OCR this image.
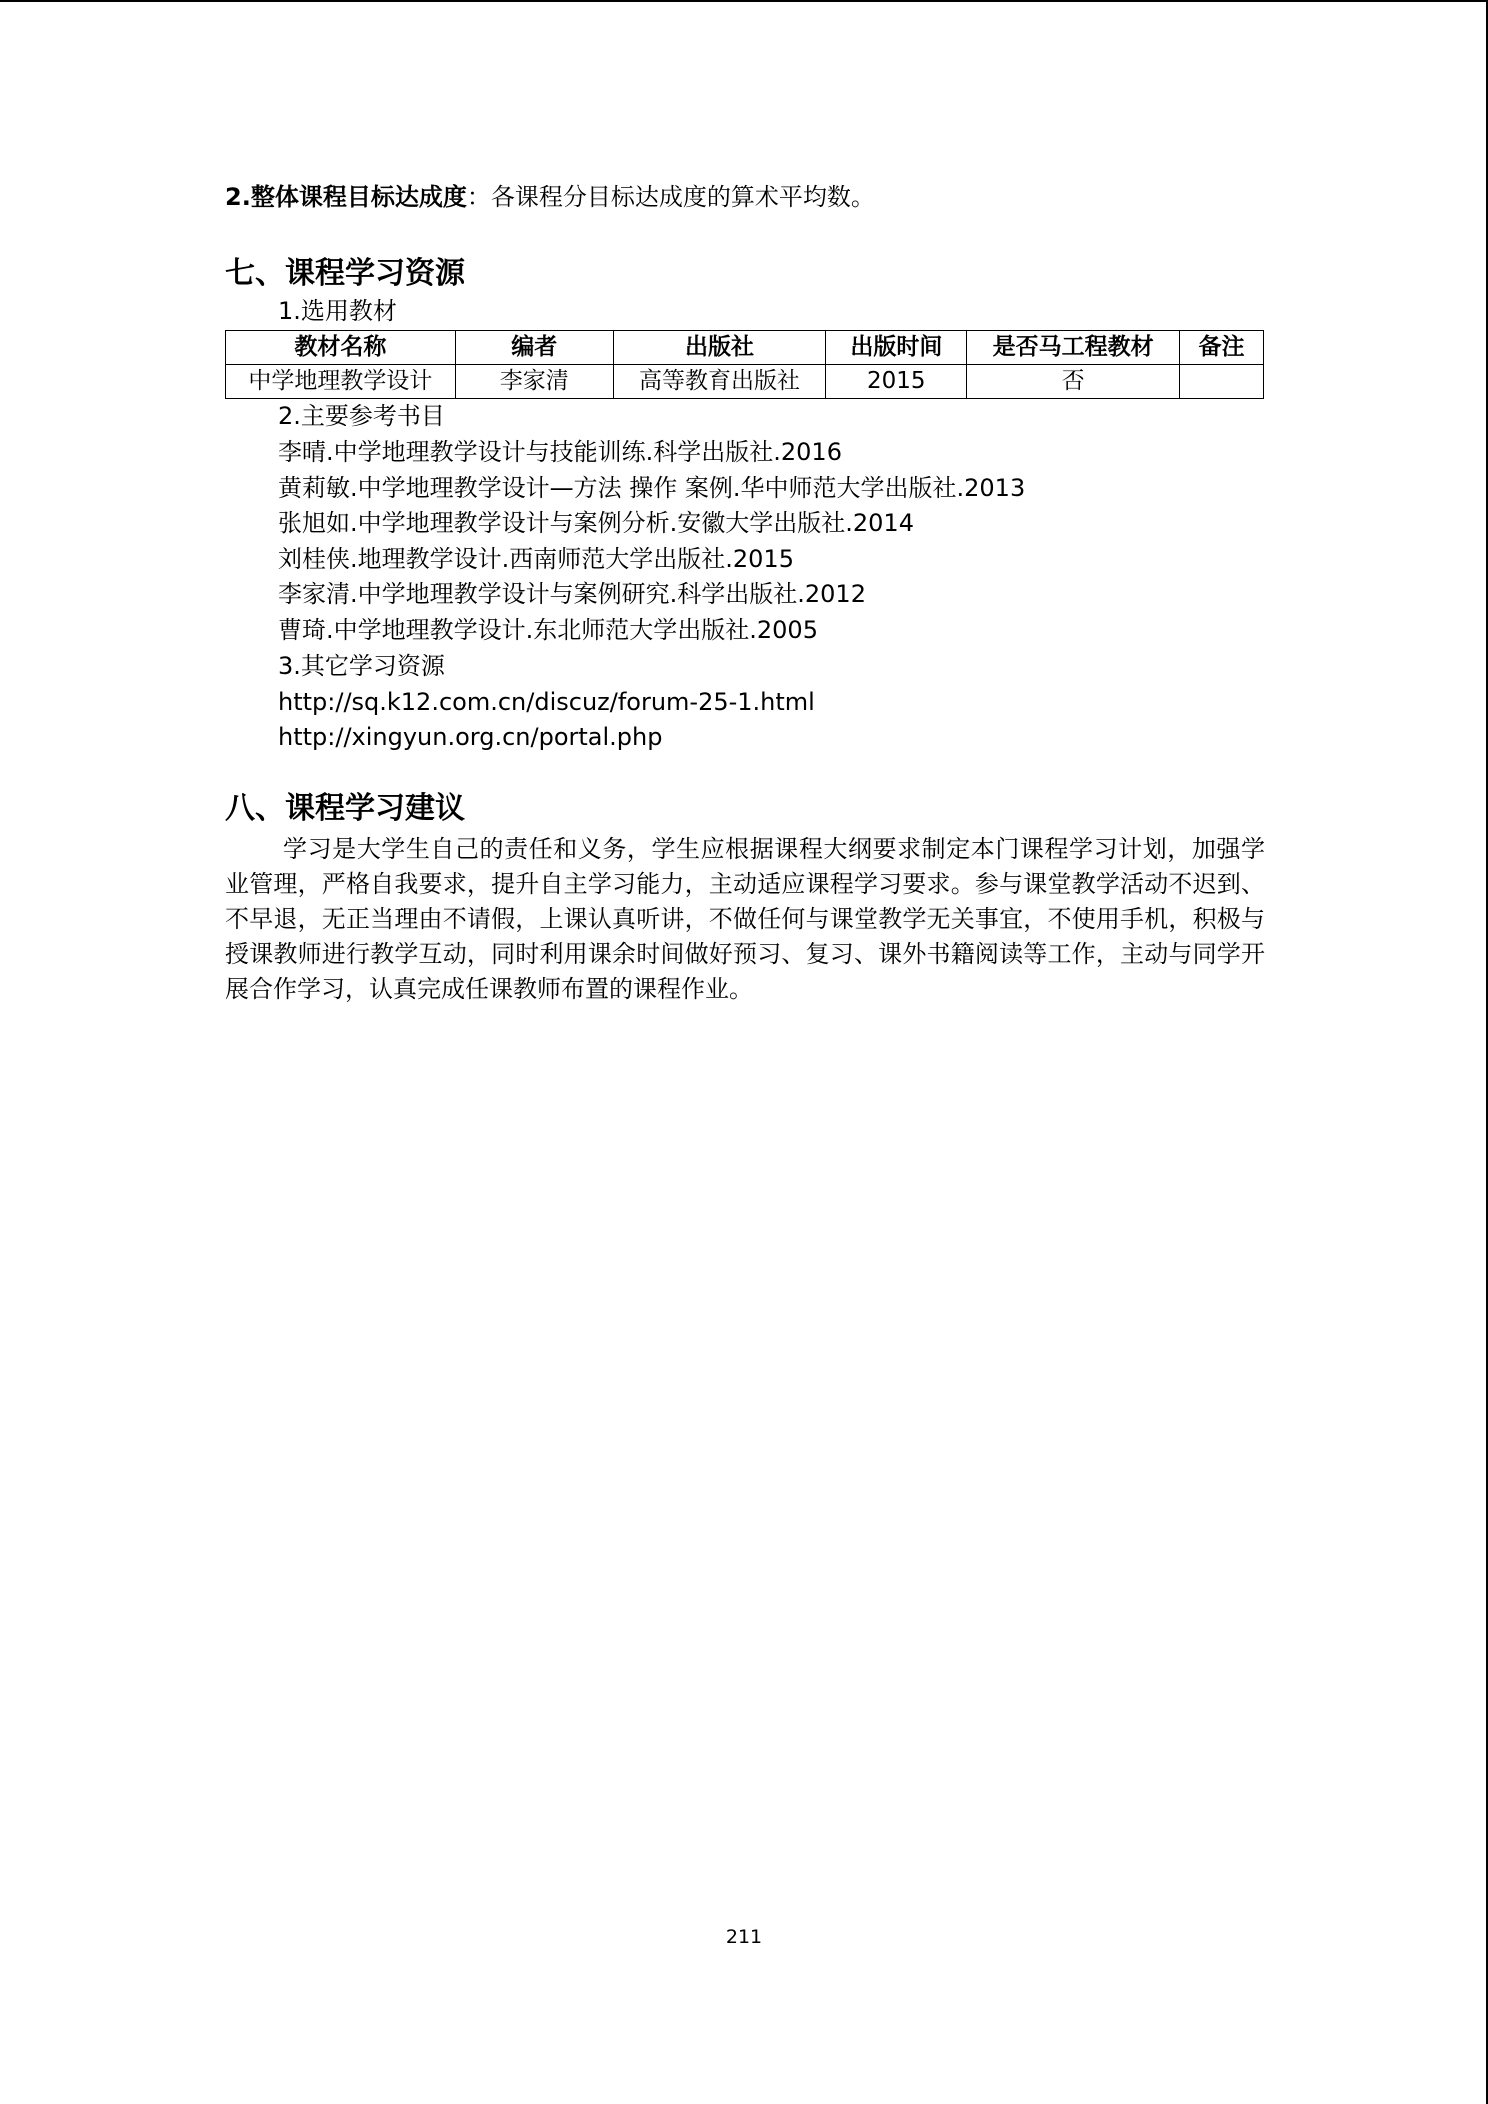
2.整体课程目标达成度：各课程分目标达成度的算术平均数。
七、课程学习资源
1.选用教材
教材名称	编者	出版社	出版时间	是否马工程教材	备注
中学地理教学设计	李家清	高等教育出版社	2015	否	
2.主要参考书目
李晴.中学地理教学设计与技能训练.科学出版社.2016
黄莉敏.中学地理教学设计—方法 操作 案例.华中师范大学出版社.2013
张旭如.中学地理教学设计与案例分析.安徽大学出版社.2014
刘桂侠.地理教学设计.西南师范大学出版社.2015
李家清.中学地理教学设计与案例研究.科学出版社.2012
曹琦.中学地理教学设计.东北师范大学出版社.2005
3.其它学习资源
http://sq.k12.com.cn/discuz/forum-25-1.html
http://xingyun.org.cn/portal.php
八、课程学习建议
学习是大学生自己的责任和义务，学生应根据课程大纲要求制定本门课程学习计划，加强学业管理，严格自我要求，提升自主学习能力，主动适应课程学习要求。参与课堂教学活动不迟到、不早退，无正当理由不请假，上课认真听讲，不做任何与课堂教学无关事宜，不使用手机，积极与授课教师进行教学互动，同时利用课余时间做好预习、复习、课外书籍阅读等工作，主动与同学开展合作学习，认真完成任课教师布置的课程作业。
211
